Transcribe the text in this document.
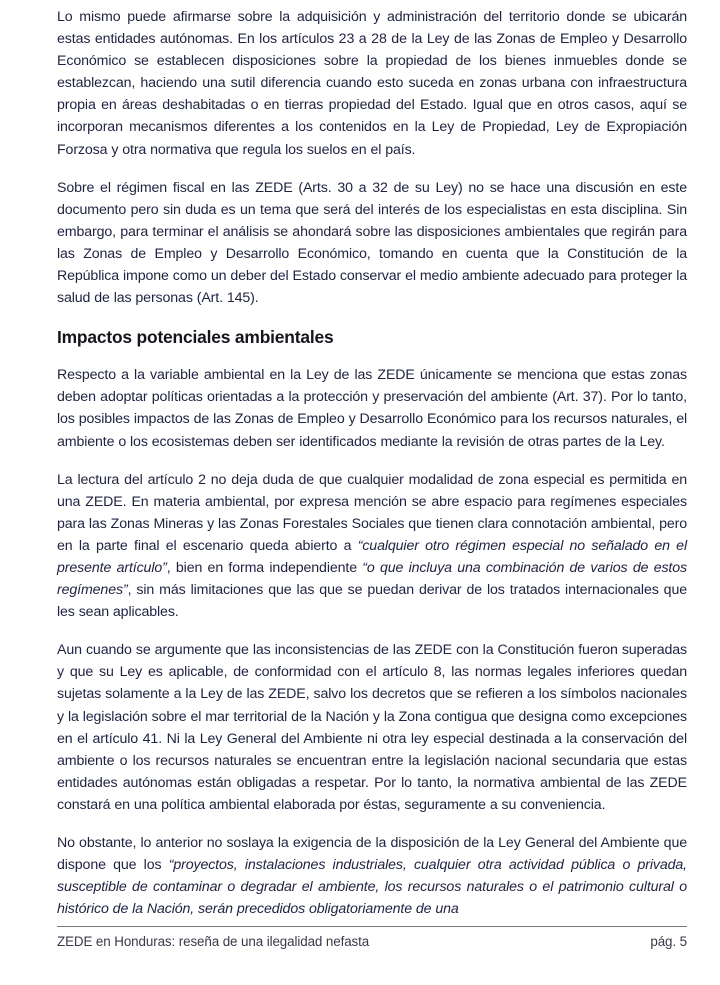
Lo mismo puede afirmarse sobre la adquisición y administración del territorio donde se ubicarán estas entidades autónomas. En los artículos 23 a 28 de la Ley de las Zonas de Empleo y Desarrollo Económico se establecen disposiciones sobre la propiedad de los bienes inmuebles donde se establezcan, haciendo una sutil diferencia cuando esto suceda en zonas urbana con infraestructura propia en áreas deshabitadas o en tierras propiedad del Estado. Igual que en otros casos, aquí se incorporan mecanismos diferentes a los contenidos en la Ley de Propiedad, Ley de Expropiación Forzosa y otra normativa que regula los suelos en el país.

Sobre el régimen fiscal en las ZEDE (Arts. 30 a 32 de su Ley) no se hace una discusión en este documento pero sin duda es un tema que será del interés de los especialistas en esta disciplina. Sin embargo, para terminar el análisis se ahondará sobre las disposiciones ambientales que regirán para las Zonas de Empleo y Desarrollo Económico, tomando en cuenta que la Constitución de la República impone como un deber del Estado conservar el medio ambiente adecuado para proteger la salud de las personas (Art. 145).

Impactos potenciales ambientales

Respecto a la variable ambiental en la Ley de las ZEDE únicamente se menciona que estas zonas deben adoptar políticas orientadas a la protección y preservación del ambiente (Art. 37). Por lo tanto, los posibles impactos de las Zonas de Empleo y Desarrollo Económico para los recursos naturales, el ambiente o los ecosistemas deben ser identificados mediante la revisión de otras partes de la Ley.

La lectura del artículo 2 no deja duda de que cualquier modalidad de zona especial es permitida en una ZEDE. En materia ambiental, por expresa mención se abre espacio para regímenes especiales para las Zonas Mineras y las Zonas Forestales Sociales que tienen clara connotación ambiental, pero en la parte final el escenario queda abierto a “cualquier otro régimen especial no señalado en el presente artículo”, bien en forma independiente “o que incluya una combinación de varios de estos regímenes”, sin más limitaciones que las que se puedan derivar de los tratados internacionales que les sean aplicables.

Aun cuando se argumente que las inconsistencias de las ZEDE con la Constitución fueron superadas y que su Ley es aplicable, de conformidad con el artículo 8, las normas legales inferiores quedan sujetas solamente a la Ley de las ZEDE, salvo los decretos que se refieren a los símbolos nacionales y la legislación sobre el mar territorial de la Nación y la Zona contigua que designa como excepciones en el artículo 41. Ni la Ley General del Ambiente ni otra ley especial destinada a la conservación del ambiente o los recursos naturales se encuentran entre la legislación nacional secundaria que estas entidades autónomas están obligadas a respetar. Por lo tanto, la normativa ambiental de las ZEDE constará en una política ambiental elaborada por éstas, seguramente a su conveniencia.

No obstante, lo anterior no soslaya la exigencia de la disposición de la Ley General del Ambiente que dispone que los “proyectos, instalaciones industriales, cualquier otra actividad pública o privada, susceptible de contaminar o degradar el ambiente, los recursos naturales o el patrimonio cultural o histórico de la Nación, serán precedidos obligatoriamente de una

ZEDE en Honduras: reseña de una ilegalidad nefasta	pág. 5
